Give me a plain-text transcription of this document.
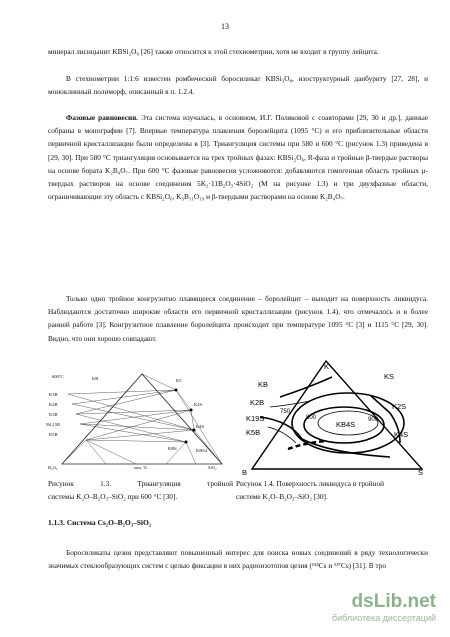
13

минерал лисицынит KBSi₂O₆ [26] также относится к этой стехиометрии, хотя не входит в группу лейцита.

В стехиометрии 1:1:6 известен ромбический боросиликат KBSi₃O₈, изоструктурный данбуриту [27, 28], и моноклинный полиморф, описанный в п. 1.2.4.

Фазовые равновесия. Эта система изучалась, в основном, И.Г. Поляковой с соавторами [29, 30 и др.], данные собраны в монографии [7]. Впервые температура плавления боролейцита (1095 °С) и его приблизительные области первичной кристаллизации были определены в [3]. Триангуляция системы при 580 и 600 °С (рисунок 1.3) приведена в [29, 30]. При 580 °С триангуляция основывается на трех тройных фазах: KBSi₂O₆, R-фаза и тройные β-твердые растворы на основе бората K₂B₄O₇. При 600 °С фазовые равновесия усложняются: добавляются гомогенная область тройных μ-твердых растворов на основе соединения 5K₂·11B₂O₃·4SiO₂ (M на рисунке 1.3) и три двухфазные области, ограничивающие эту область с KBSi₂O₆, K₃B₁₁O₁₉ и β-твердыми растворами на основе K₂B₄O₇.

Только одно тройное конгруэнтно плавящееся соединение – боролейцит – выходит на поверхность ликвидуса. Наблюдаются достаточно широкие области его первичной кристаллизации (рисунок 1.4), что отмечалось и в более ранней работе [3]. Конгруэнтное плавление боролейцита происходит при температуре 1095 °С [3] и 1115 °С [29, 30]. Видно, что они хорошо совпадают.

600°C	KB	K5
K3B
K2B
K3B
5K,15B
K5B
K2S
K4S
KBS	KBS4
B₂O₃	мол. %	SiO₂
KB
KS
K
K2B
K19S
K5B
K2S
KB4S
K4S
750
800	900
B	S
Рисунок 1.3. Триангуляция тройной
системы K₂O–B₂O₃–SiO₂ при 600 °С [30].
Рисунок 1.4. Поверхность ликвидуса в тройной
системе K₂O–B₂O₃–SiO₂ [30].
1.1.3. Система Cs₂O–B₂O₃–SiO₂

Боросиликаты цезия представляют повышенный интерес для поиска новых соединений в ряду технологически значимых стеклообразующих систем с целью фиксации в них радиоизотопов цезия (¹³⁴Cs и ¹³⁷Cs) [31]. В тро

dsLib.net
библиотека диссертаций
